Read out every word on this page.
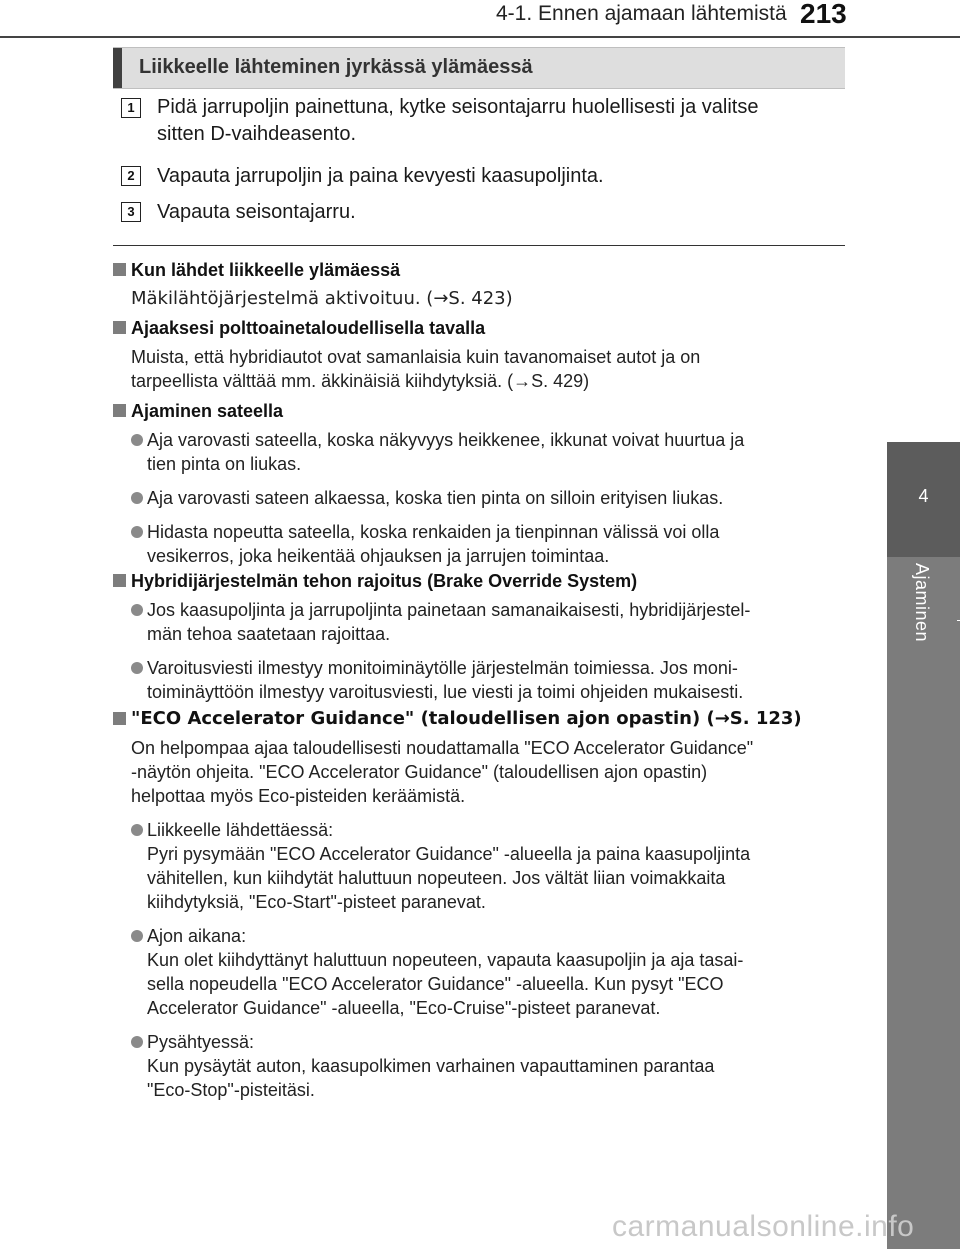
4-1. Ennen ajamaan lähtemistä 213
4
Ajaminen
Liikkeelle lähteminen jyrkässä ylämäessä
1	Pidä jarrupoljin painettuna, kytke seisontajarru huolellisesti ja valitse
sitten D-vaihdeasento.
2	Vapauta jarrupoljin ja paina kevyesti kaasupoljinta.
3	Vapauta seisontajarru.
Kun lähdet liikkeelle ylämäessä
Mäkilähtöjärjestelmä aktivoituu. (→S. 423)
Ajaaksesi polttoainetaloudellisella tavalla
Muista, että hybridiautot ovat samanlaisia kuin tavanomaiset autot ja on
tarpeellista välttää mm. äkkinäisiä kiihdytyksiä. (→S. 429)
Ajaminen sateella
Aja varovasti sateella, koska näkyvyys heikkenee, ikkunat voivat huurtua ja
tien pinta on liukas.
Aja varovasti sateen alkaessa, koska tien pinta on silloin erityisen liukas.
Hidasta nopeutta sateella, koska renkaiden ja tienpinnan välissä voi olla
vesikerros, joka heikentää ohjauksen ja jarrujen toimintaa.
Hybridijärjestelmän tehon rajoitus (Brake Override System)
Jos kaasupoljinta ja jarrupoljinta painetaan samanaikaisesti, hybridijärjestel-
män tehoa saatetaan rajoittaa.
Varoitusviesti ilmestyy monitoiminäytölle järjestelmän toimiessa. Jos moni-
toiminäyttöön ilmestyy varoitusviesti, lue viesti ja toimi ohjeiden mukaisesti.
"ECO Accelerator Guidance" (taloudellisen ajon opastin) (→S. 123)
On helpompaa ajaa taloudellisesti noudattamalla "ECO Accelerator Guidance"
-näytön ohjeita. "ECO Accelerator Guidance" (taloudellisen ajon opastin)
helpottaa myös Eco-pisteiden keräämistä.
Liikkeelle lähdettäessä:
Pyri pysymään "ECO Accelerator Guidance" -alueella ja paina kaasupoljinta
vähitellen, kun kiihdytät haluttuun nopeuteen. Jos vältät liian voimakkaita
kiihdytyksiä, "Eco-Start"-pisteet paranevat.
Ajon aikana:
Kun olet kiihdyttänyt haluttuun nopeuteen, vapauta kaasupoljin ja aja tasai-
sella nopeudella "ECO Accelerator Guidance" -alueella. Kun pysyt "ECO
Accelerator Guidance" -alueella, "Eco-Cruise"-pisteet paranevat.
Pysähtyessä:
Kun pysäytät auton, kaasupolkimen varhainen vapauttaminen parantaa
"Eco-Stop"-pisteitäsi.
carmanualsonline.info
